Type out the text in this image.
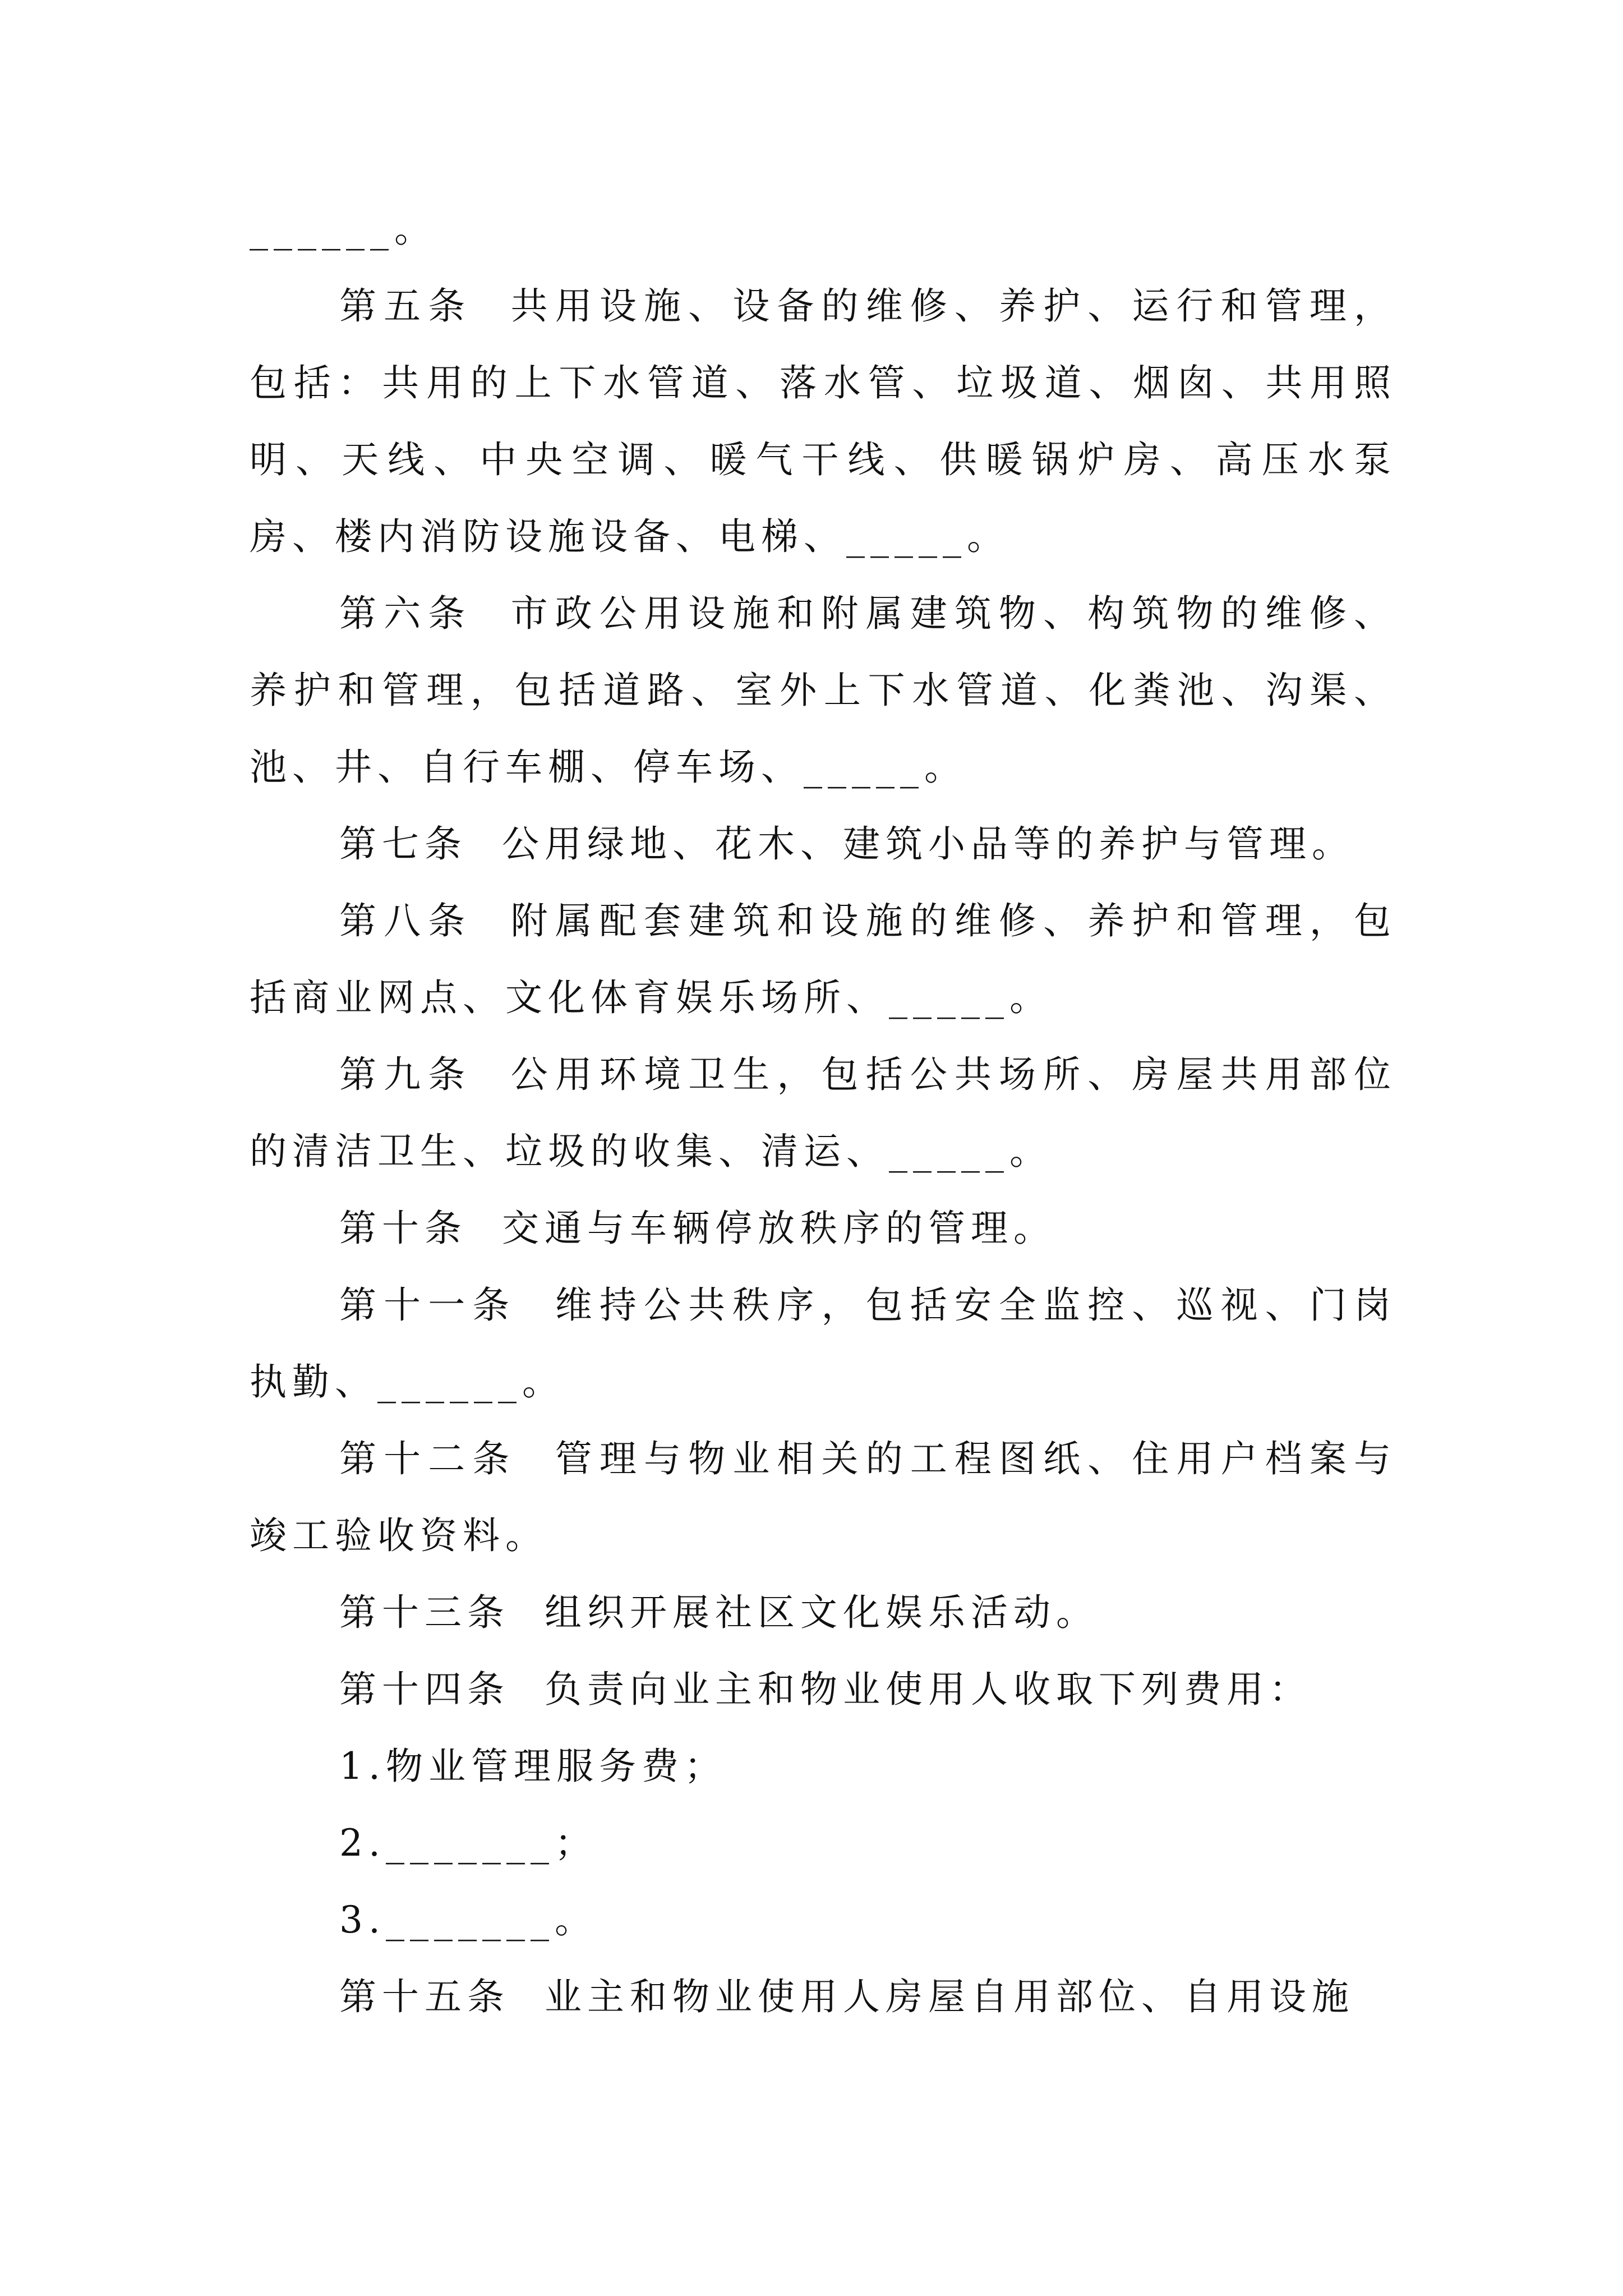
______。

第五条  共用设施、设备的维修、养护、运行和管理，包括：共用的上下水管道、落水管、垃圾道、烟囱、共用照明、天线、中央空调、暖气干线、供暖锅炉房、高压水泵房、楼内消防设施设备、电梯、_____。

第六条  市政公用设施和附属建筑物、构筑物的维修、养护和管理，包括道路、室外上下水管道、化粪池、沟渠、池、井、自行车棚、停车场、_____。

第七条  公用绿地、花木、建筑小品等的养护与管理。

第八条  附属配套建筑和设施的维修、养护和管理，包括商业网点、文化体育娱乐场所、_____。

第九条  公用环境卫生，包括公共场所、房屋共用部位的清洁卫生、垃圾的收集、清运、_____。

第十条  交通与车辆停放秩序的管理。

第十一条  维持公共秩序，包括安全监控、巡视、门岗执勤、______。

第十二条  管理与物业相关的工程图纸、住用户档案与竣工验收资料。

第十三条  组织开展社区文化娱乐活动。

第十四条  负责向业主和物业使用人收取下列费用：

1.物业管理服务费；

2._______；

3._______。

第十五条  业主和物业使用人房屋自用部位、自用设施
